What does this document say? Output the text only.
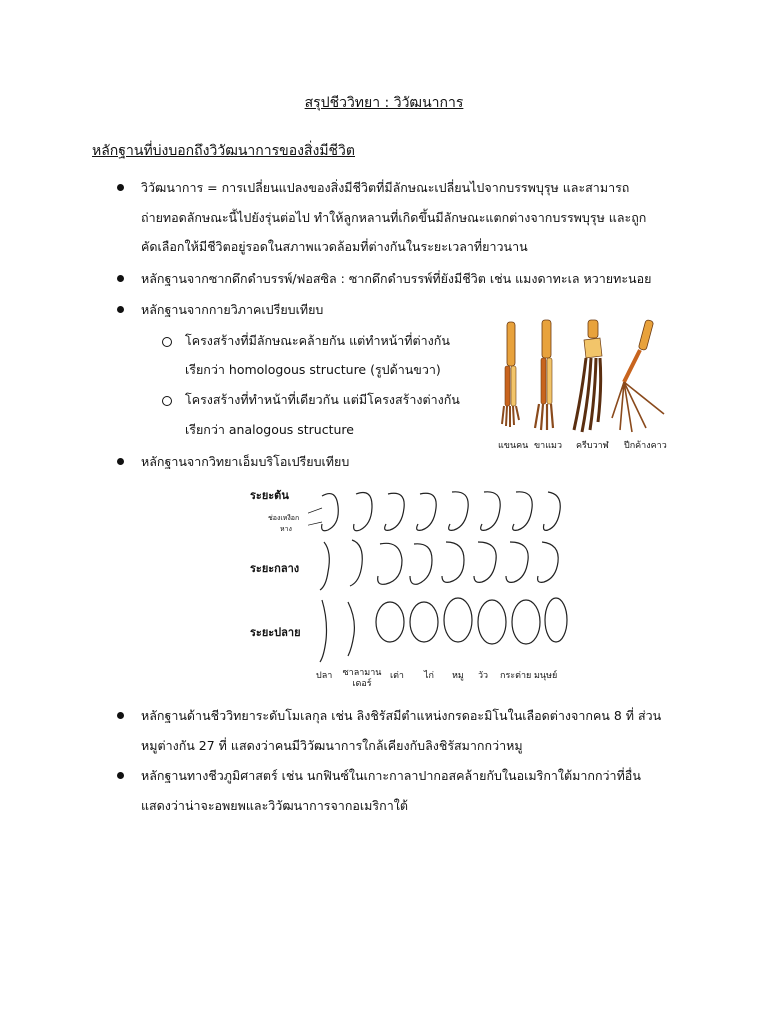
สรุปชีววิทยา : วิวัฒนาการ
หลักฐานที่บ่งบอกถึงวิวัฒนาการของสิ่งมีชีวิต
วิวัฒนาการ = การเปลี่ยนแปลงของสิ่งมีชีวิตที่มีลักษณะเปลี่ยนไปจากบรรพบุรุษ และสามารถ
ถ่ายทอดลักษณะนี้ไปยังรุ่นต่อไป ทำให้ลูกหลานที่เกิดขึ้นมีลักษณะแตกต่างจากบรรพบุรุษ และถูก
คัดเลือกให้มีชีวิตอยู่รอดในสภาพแวดล้อมที่ต่างกันในระยะเวลาที่ยาวนาน
หลักฐานจากซากดึกดำบรรพ์/ฟอสซิล : ซากดึกดำบรรพ์ที่ยังมีชีวิต เช่น แมงดาทะเล หวายทะนอย
หลักฐานจากกายวิภาคเปรียบเทียบ
โครงสร้างที่มีลักษณะคล้ายกัน แต่ทำหน้าที่ต่างกัน
เรียกว่า homologous structure (รูปด้านขวา)
โครงสร้างที่ทำหน้าที่เดียวกัน แต่มีโครงสร้างต่างกัน
เรียกว่า analogous structure
แขนคน ขาแมว ครีบวาฬ ปีกค้างคาว
หลักฐานจากวิทยาเอ็มบริโอเปรียบเทียบ
ระยะต้น
ระยะกลาง
ระยะปลาย
ช่องเหงือก
หาง
ปลา ซาลามานเดอร์
เต่า ไก่ หมู วัว กระต่าย มนุษย์
หลักฐานด้านชีววิทยาระดับโมเลกุล เช่น ลิงชิรัสมีตำแหน่งกรดอะมิโนในเลือดต่างจากคน 8 ที่ ส่วน
หมูต่างกัน 27 ที่ แสดงว่าคนมีวิวัฒนาการใกล้เคียงกับลิงชิรัสมากกว่าหมู
หลักฐานทางชีวภูมิศาสตร์ เช่น นกฟินซ์ในเกาะกาลาปากอสคล้ายกับในอเมริกาใต้มากกว่าที่อื่น
แสดงว่าน่าจะอพยพและวิวัฒนาการจากอเมริกาใต้
